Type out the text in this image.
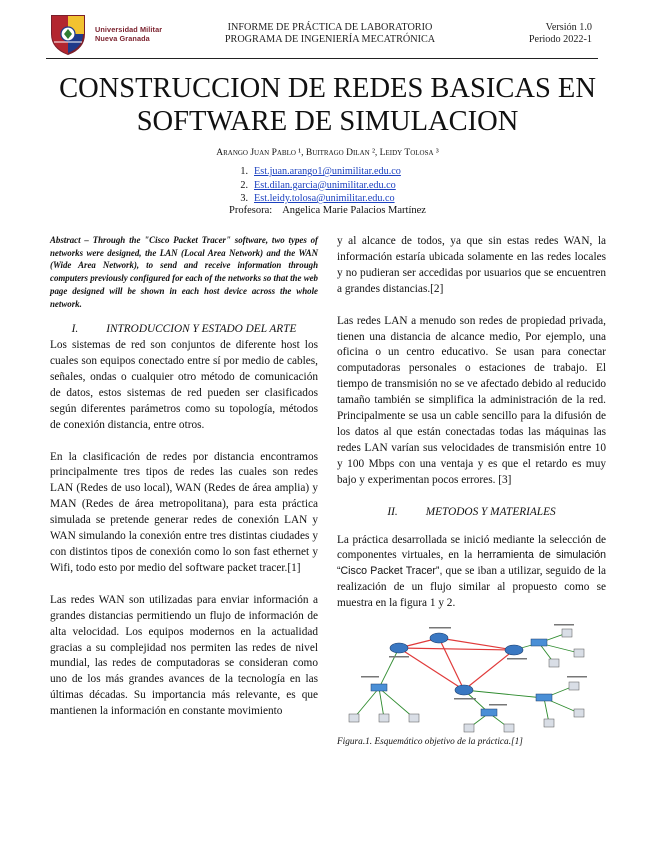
Universidad Militar
Nueva Granada
INFORME DE PRÁCTICA DE LABORATORIO
PROGRAMA DE INGENIERÍA MECATRÓNICA
Versión 1.0
Periodo 2022-1
CONSTRUCCION DE REDES BASICAS EN
SOFTWARE DE SIMULACION
Arango Juan Pablo ¹, Buitrago Dilan ², Leidy Tolosa ³
1. Est.juan.arango1@unimilitar.edu.co
2. Est.dilan.garcia@unimilitar.edu.co
3. Est.leidy.tolosa@unimilitar.edu.co
Profesora: Angelica Marie Palacios Martínez

Abstract – Through the "Cisco Packet Tracer" software, two types of networks were designed, the LAN (Local Area Network) and the WAN (Wide Area Network), to send and receive information through computers previously configured for each of the networks so that the web page designed will be shown in each host device across the whole network.

I. INTRODUCCION Y ESTADO DEL ARTE

Los sistemas de red son conjuntos de diferente host los cuales son equipos conectado entre sí por medio de cables, señales, ondas o cualquier otro método de comunicación de datos, estos sistemas de red pueden ser clasificados según diferentes parámetros como su topología, métodos de conexión distancia, entre otros.

En la clasificación de redes por distancia encontramos principalmente tres tipos de redes las cuales son redes LAN (Redes de uso local), WAN (Redes de área amplia) y MAN (Redes de área metropolitana), para esta práctica simulada se pretende generar redes de conexión LAN y WAN simulando la conexión entre tres distintas ciudades y con distintos tipos de conexión como lo son fast ethernet y Wifi, todo esto por medio del software packet tracer.[1]

Las redes WAN son utilizadas para enviar información a grandes distancias permitiendo un flujo de información de alta velocidad. Los equipos modernos en la actualidad gracias a su complejidad nos permiten las redes de nivel mundial, las redes de computadoras se consideran como uno de los más grandes avances de la tecnología en las últimas décadas. Su importancia más relevante, es que mantienen la información en constante movimiento

y al alcance de todos, ya que sin estas redes WAN, la información estaría ubicada solamente en las redes locales y no pudieran ser accedidas por usuarios que se encuentren a grandes distancias.[2]

Las redes LAN a menudo son redes de propiedad privada, tienen una distancia de alcance medio, Por ejemplo, una oficina o un centro educativo. Se usan para conectar computadoras personales o estaciones de trabajo. El tiempo de transmisión no se ve afectado debido al reducido tamaño también se simplifica la administración de la red. Principalmente se usa un cable sencillo para la difusión de los datos al que están conectadas todas las máquinas las redes LAN varían sus velocidades de transmisión entre 10 y 100 Mbps con una ventaja y es que el retardo es muy bajo y experimentan pocos errores. [3]

II. METODOS Y MATERIALES

La práctica desarrollada se inició mediante la selección de componentes virtuales, en la herramienta de simulación “Cisco Packet Tracer”, que se iban a utilizar, seguido de la realización de un flujo similar al propuesto como se muestra en la figura 1 y 2.

Figura.1. Esquemático objetivo de la práctica.[1]
